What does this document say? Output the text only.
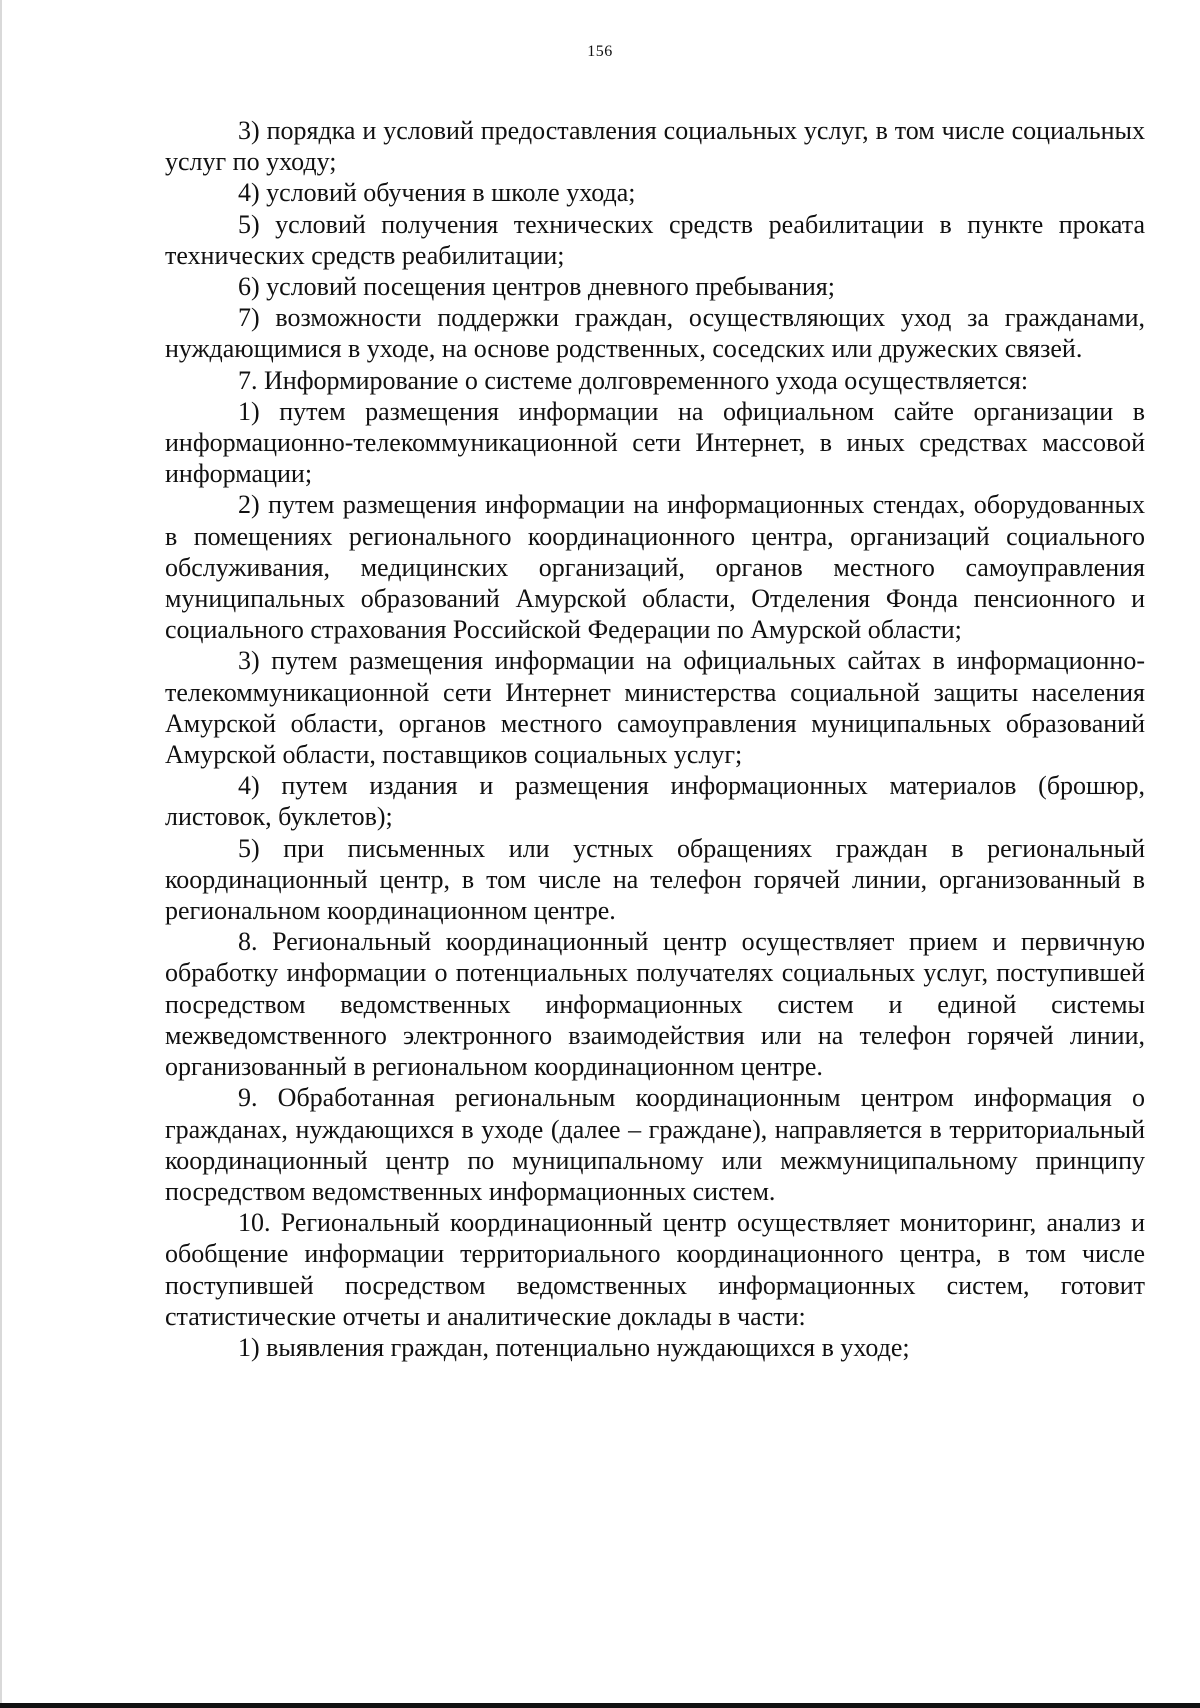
156

3) порядка и условий предоставления социальных услуг, в том числе социальных услуг по уходу;

4) условий обучения в школе ухода;

5) условий получения технических средств реабилитации в пункте проката технических средств реабилитации;

6) условий посещения центров дневного пребывания;

7) возможности поддержки граждан, осуществляющих уход за гражданами, нуждающимися в уходе, на основе родственных, соседских или дружеских связей.

7. Информирование о системе долговременного ухода осуществляется:

1) путем размещения информации на официальном сайте организации в информационно-телекоммуникационной сети Интернет, в иных средствах массовой информации;

2) путем размещения информации на информационных стендах, оборудованных в помещениях регионального координационного центра, организаций социального обслуживания, медицинских организаций, органов местного самоуправления муниципальных образований Амурской области, Отделения Фонда пенсионного и социального страхования Российской Федерации по Амурской области;

3) путем размещения информации на официальных сайтах в информационно-телекоммуникационной сети Интернет министерства социальной защиты населения Амурской области, органов местного самоуправления муниципальных образований Амурской области, поставщиков социальных услуг;

4) путем издания и размещения информационных материалов (брошюр, листовок, буклетов);

5) при письменных или устных обращениях граждан в региональный координационный центр, в том числе на телефон горячей линии, организованный в региональном координационном центре.

8. Региональный координационный центр осуществляет прием и первичную обработку информации о потенциальных получателях социальных услуг, поступившей посредством ведомственных информационных систем и единой системы межведомственного электронного взаимодействия или на телефон горячей линии, организованный в региональном координационном центре.

9. Обработанная региональным координационным центром информация о гражданах, нуждающихся в уходе (далее – граждане), направляется в территориальный координационный центр по муниципальному или межмуниципальному принципу посредством ведомственных информационных систем.

10. Региональный координационный центр осуществляет мониторинг, анализ и обобщение информации территориального координационного центра, в том числе поступившей посредством ведомственных информационных систем, готовит статистические отчеты и аналитические доклады в части:

1) выявления граждан, потенциально нуждающихся в уходе;
